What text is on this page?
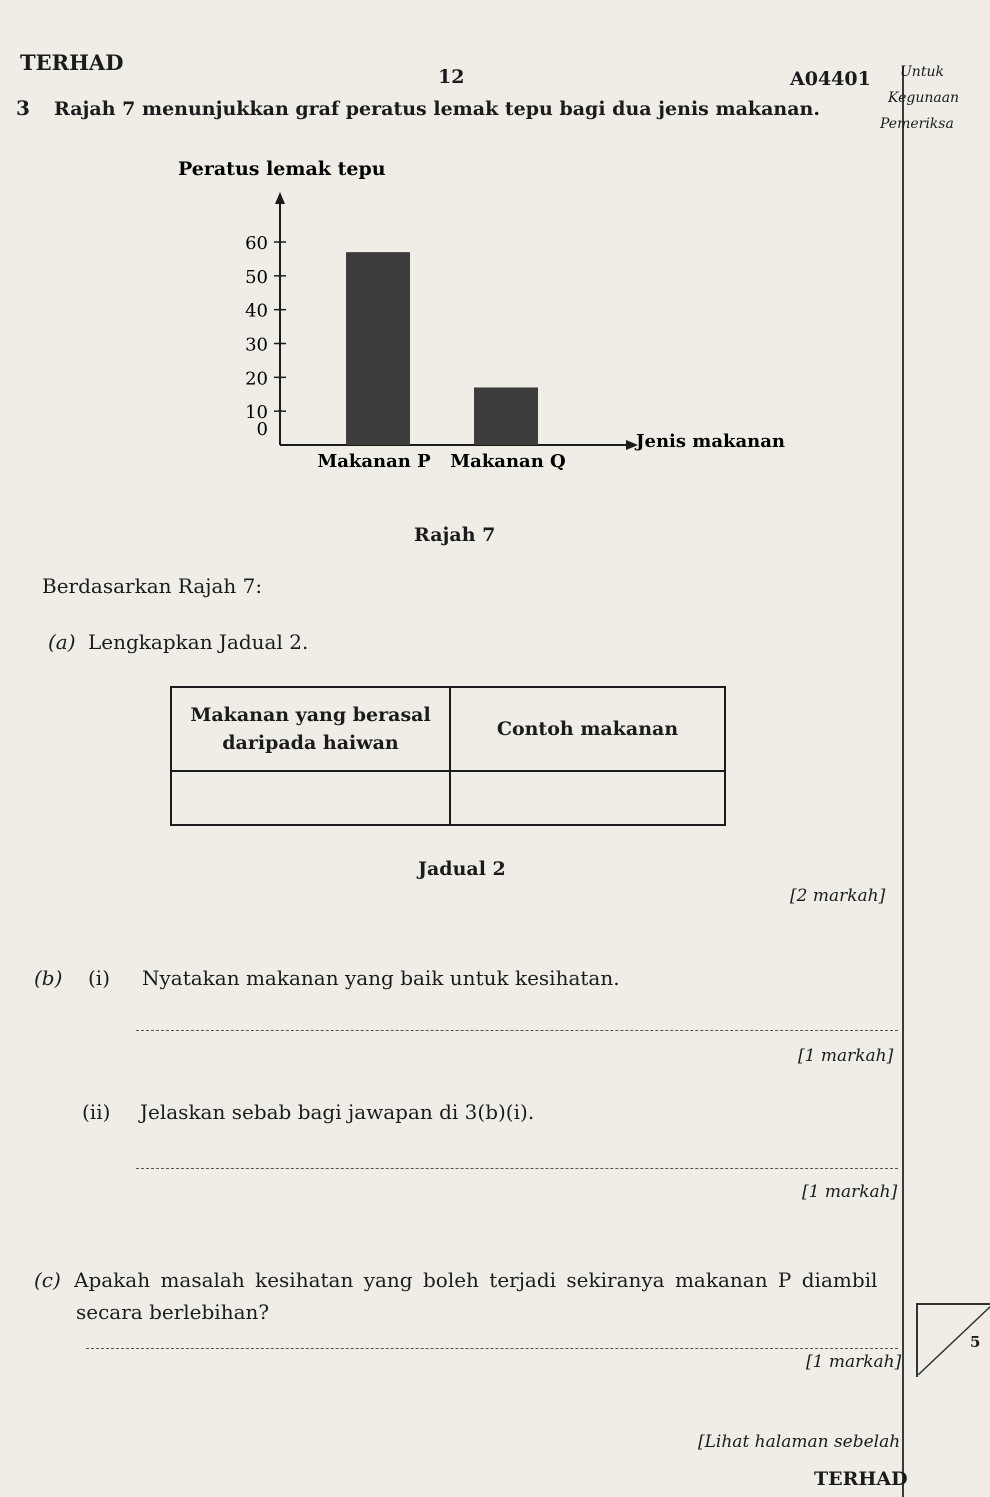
TERHAD
12	A04401 Untuk
Kegunaan
Pemeriksa
3 Rajah 7 menunjukkan graf peratus lemak tepu bagi dua jenis makanan.
Peratus lemak tepu
0
10
20
30
40
50
60
Makanan P Makanan Q
Jenis makanan
Rajah 7
Berdasarkan Rajah 7:
(a) Lengkapkan Jadual 2.
Makanan yang berasal daripada haiwan	Contoh makanan

Jadual 2
[2 markah]
(b) (i) Nyatakan makanan yang baik untuk kesihatan.
[1 markah]
(ii) Jelaskan sebab bagi jawapan di 3(b)(i).
[1 markah]
(c) Apakah masalah kesihatan yang boleh terjadi sekiranya makanan P diambil
secara berlebihan?
[1 markah]
5
[Lihat halaman sebelah
TERHAD
